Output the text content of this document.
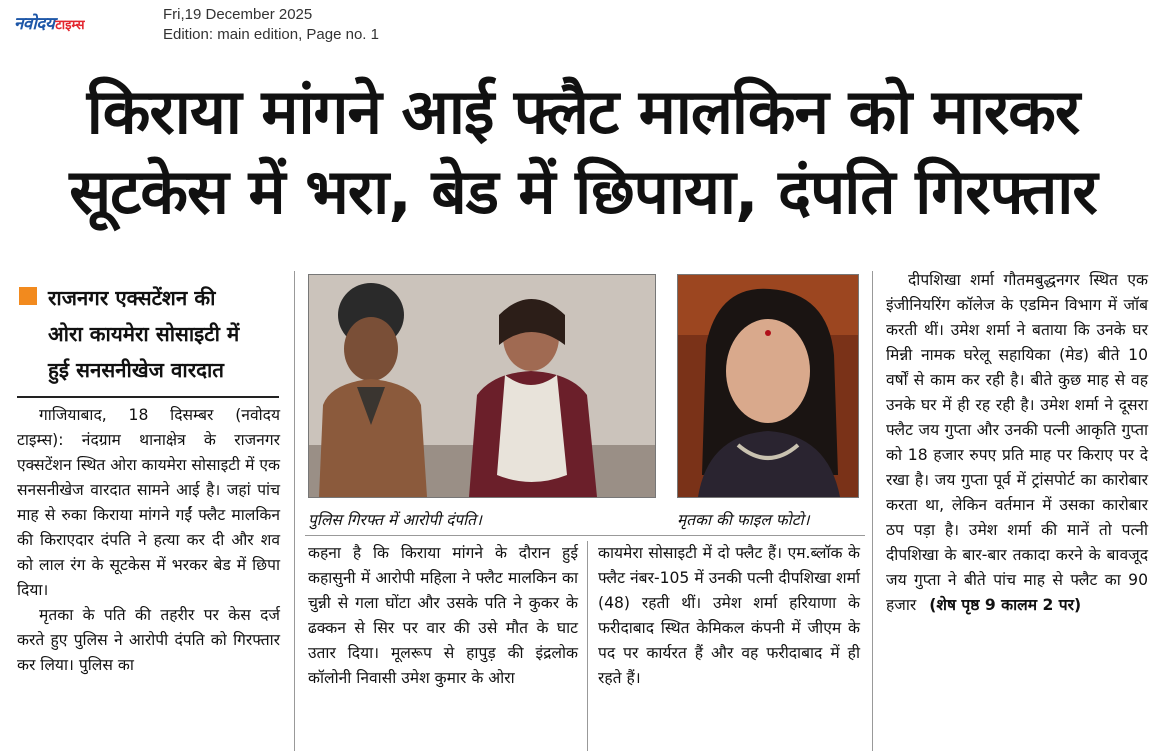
नवोदय टाइम्स
Fri,19 December 2025
Edition: main edition, Page no. 1
किराया मांगने आई फ्लैट मालकिन को मारकर
सूटकेस में भरा, बेड में छिपाया, दंपति गिरफ्तार
राजनगर एक्सटेंशन की
ओरा कायमेरा सोसाइटी में
हुई सनसनीखेज वारदात

गाजियाबाद, 18 दिसम्बर (नवोदय टाइम्स): नंदग्राम थानाक्षेत्र के राजनगर एक्सटेंशन स्थित ओरा कायमेरा सोसाइटी में एक सनसनीखेज वारदात सामने आई है। जहां पांच माह से रुका किराया मांगने गईं फ्लैट मालकिन की किराएदार दंपति ने हत्या कर दी और शव को लाल रंग के सूटकेस में भरकर बेड में छिपा दिया।

मृतका के पति की तहरीर पर केस दर्ज करते हुए पुलिस ने आरोपी दंपति को गिरफ्तार कर लिया। पुलिस का

पुलिस गिरफ्त में आरोपी दंपति।	मृतका की फाइल फोटो।

कहना है कि किराया मांगने के दौरान हुई कहासुनी में आरोपी महिला ने फ्लैट मालकिन का चुन्नी से गला घोंटा और उसके पति ने कुकर के ढक्कन से सिर पर वार की उसे मौत के घाट उतार दिया। मूलरूप से हापुड़ की इंद्रलोक कॉलोनी निवासी उमेश कुमार के ओरा

कायमेरा सोसाइटी में दो फ्लैट हैं। एम.ब्लॉक के फ्लैट नंबर-105 में उनकी पत्नी दीपशिखा शर्मा (48) रहती थीं। उमेश शर्मा हरियाणा के फरीदाबाद स्थित केमिकल कंपनी में जीएम के पद पर कार्यरत हैं और वह फरीदाबाद में ही रहते हैं।

दीपशिखा शर्मा गौतमबुद्धनगर स्थित एक इंजीनियरिंग कॉलेज के एडमिन विभाग में जॉब करती थीं। उमेश शर्मा ने बताया कि उनके घर मिन्नी नामक घरेलू सहायिका (मेड) बीते 10 वर्षों से काम कर रही है। बीते कुछ माह से वह उनके घर में ही रह रही है। उमेश शर्मा ने दूसरा फ्लैट जय गुप्ता और उनकी पत्नी आकृति गुप्ता को 18 हजार रुपए प्रति माह पर किराए पर दे रखा है। जय गुप्ता पूर्व में ट्रांसपोर्ट का कारोबार करता था, लेकिन वर्तमान में उसका कारोबार ठप पड़ा है। उमेश शर्मा की मानें तो पत्नी दीपशिखा के बार-बार तकादा करने के बावजूद जय गुप्ता ने बीते पांच माह से फ्लैट का 90 हजार (शेष पृष्ठ 9 कालम 2 पर)
